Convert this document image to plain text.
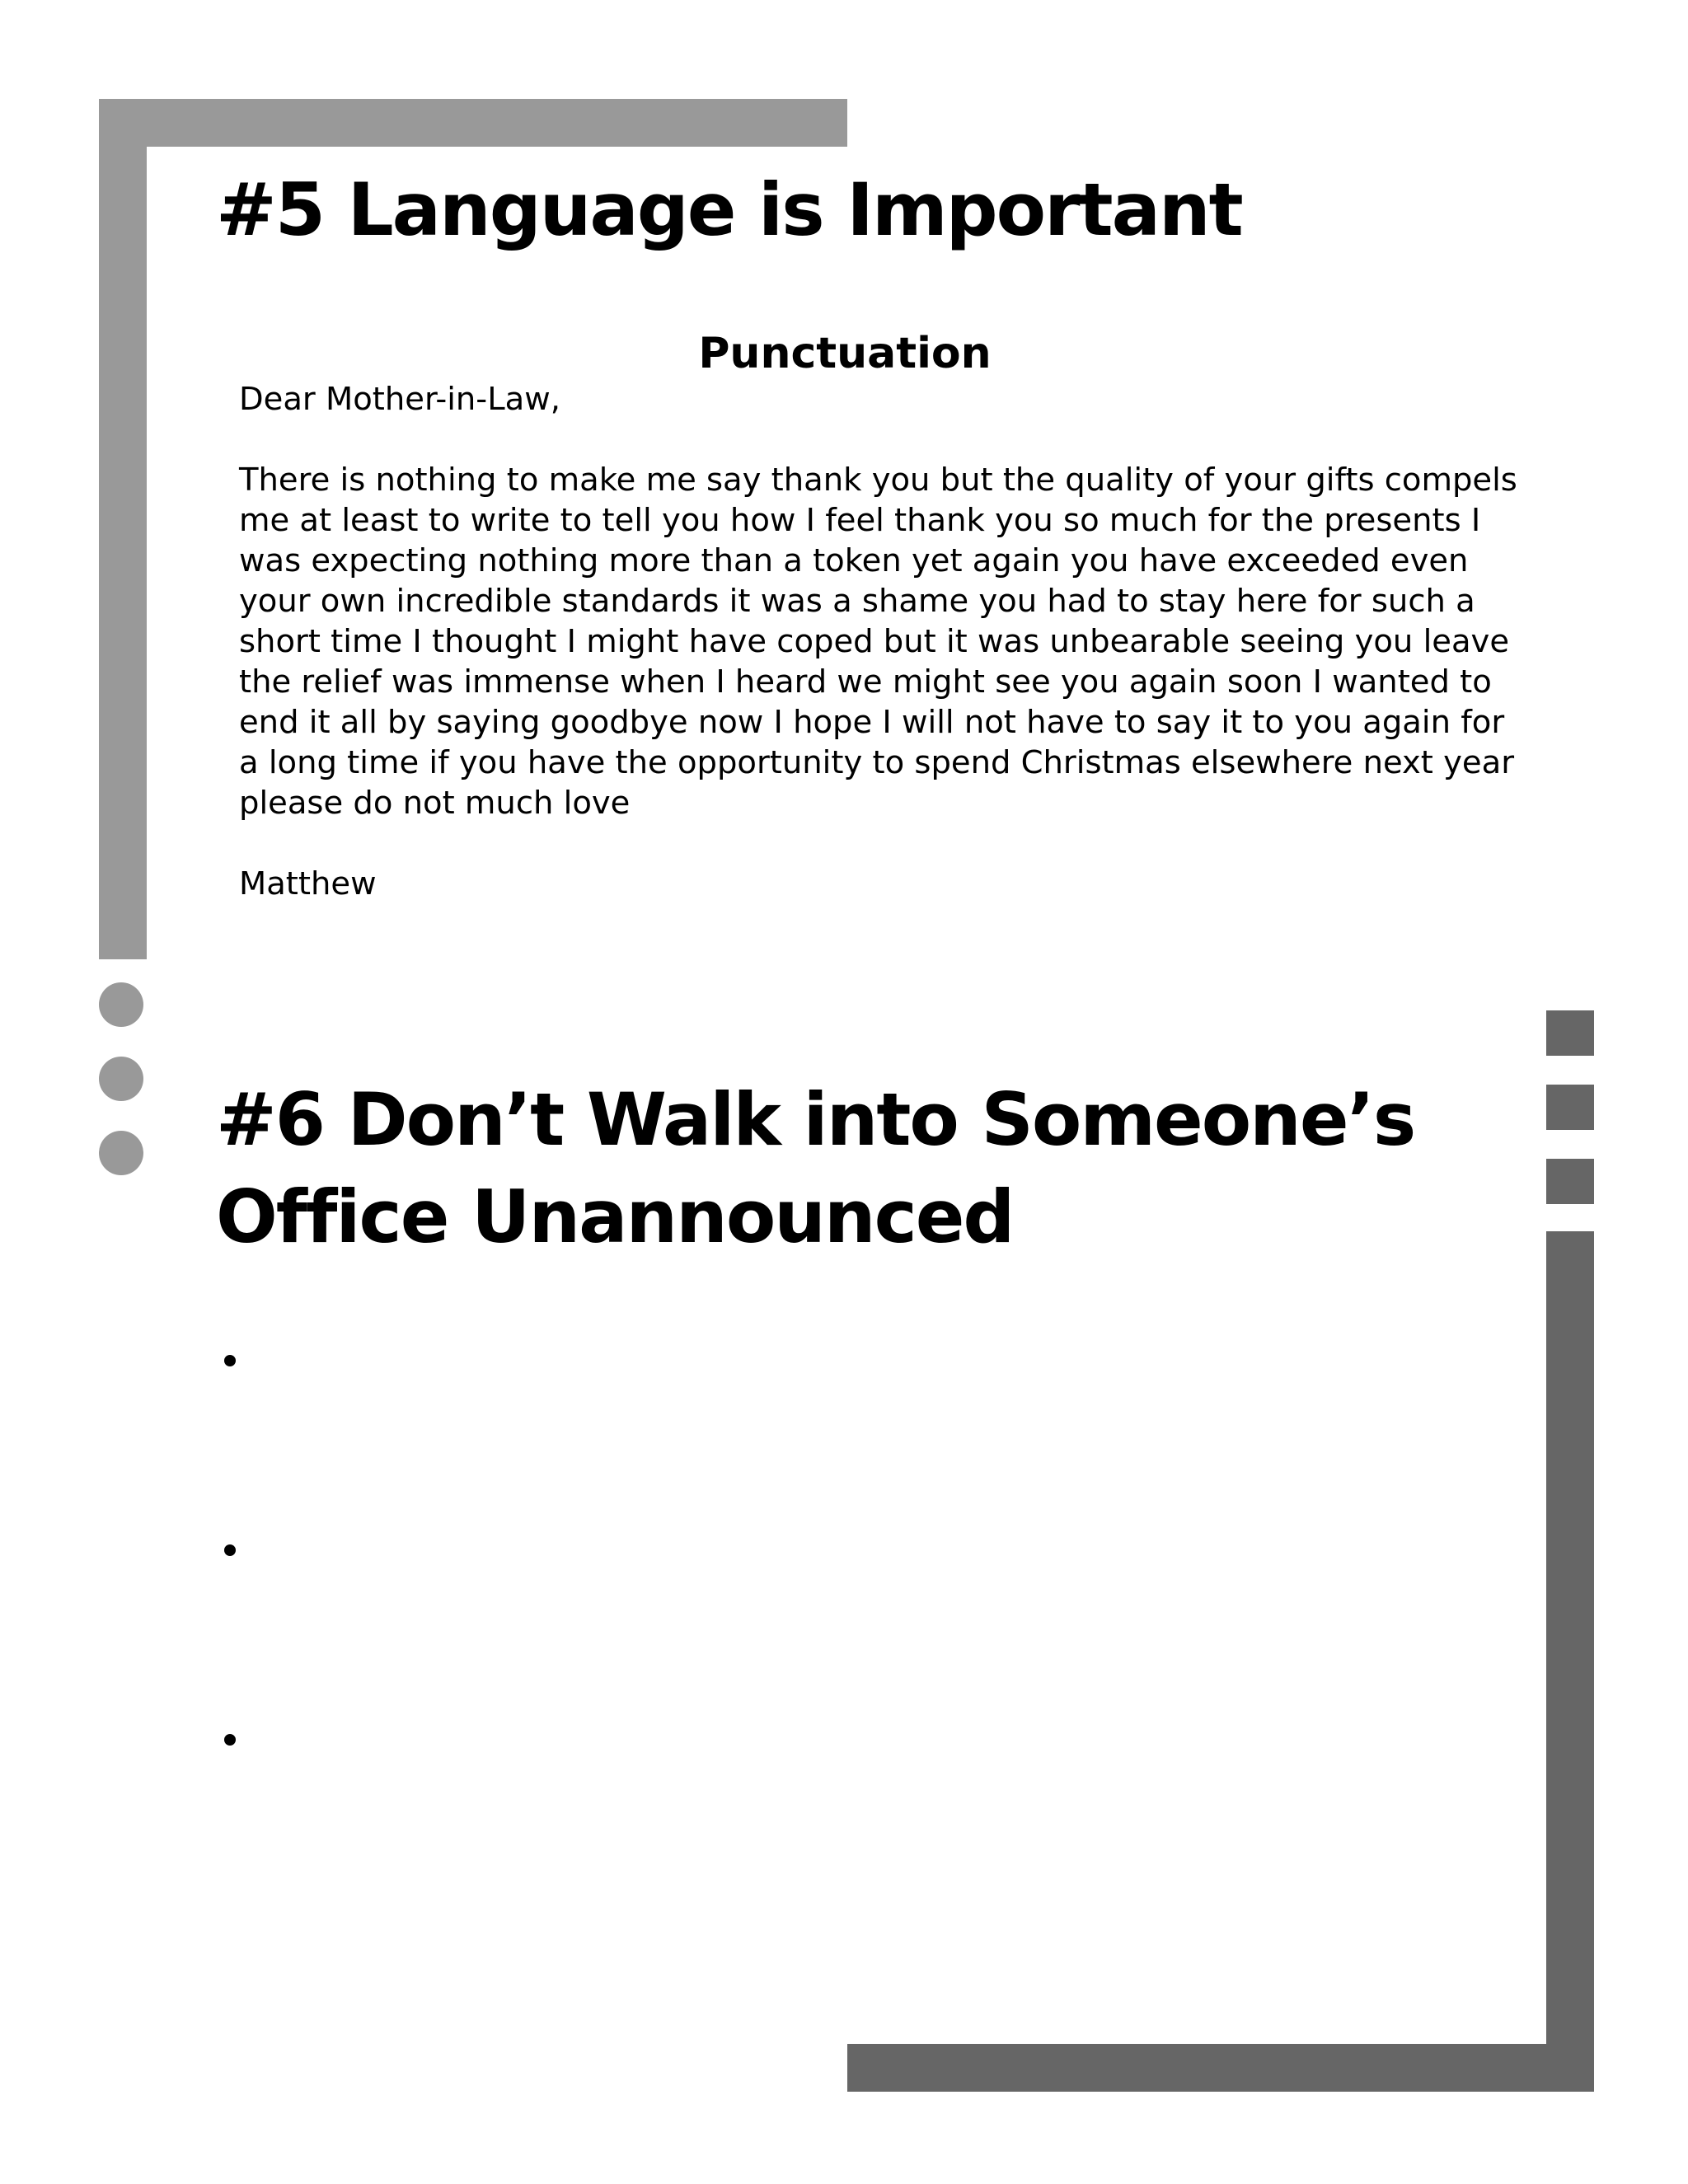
#5 Language is Important
Punctuation

Dear Mother-in-Law,

There is nothing to make me say thank you but the quality of your gifts compels me at least to write to tell you how I feel thank you so much for the presents I was expecting nothing more than a token yet again you have exceeded even your own incredible standards it was a shame you had to stay here for such a short time I thought I might have coped but it was unbearable seeing you leave the relief was immense when I heard we might see you again soon I wanted to end it all by saying goodbye now I hope I will not have to say it to you again for a long time if you have the opportunity to spend Christmas elsewhere next year please do not much love

Matthew

#6 Don’t Walk into Someone’s Office Unannounced
